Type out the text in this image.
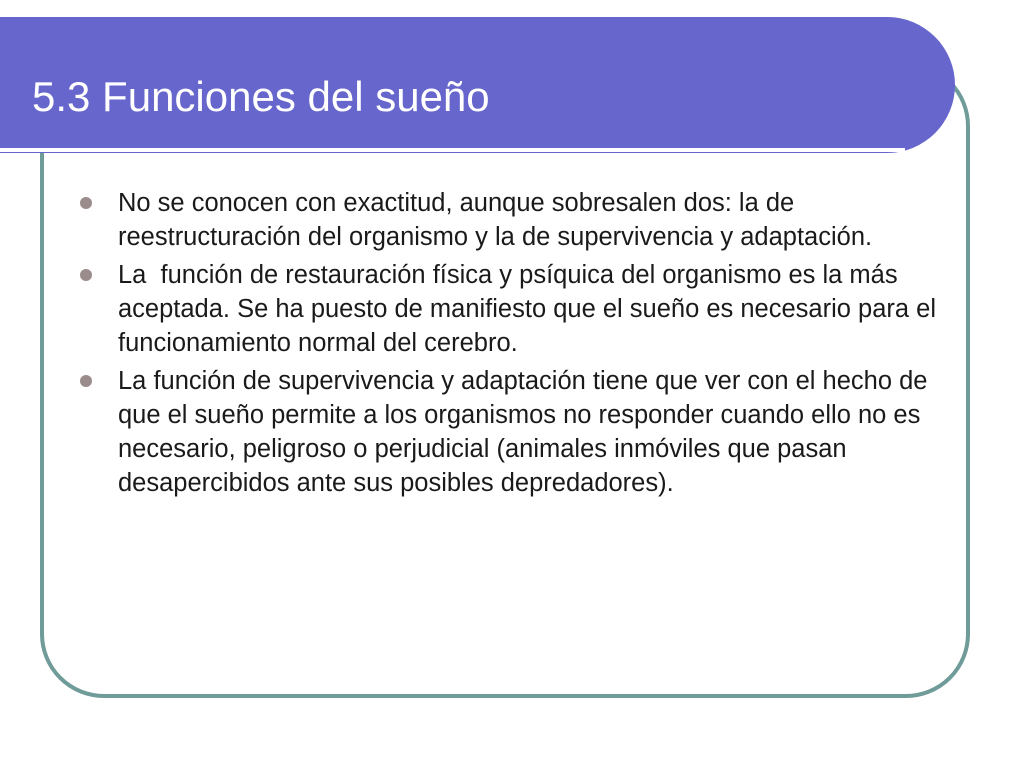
5.3 Funciones del sueño
No se conocen con exactitud, aunque sobresalen dos: la de reestructuración del organismo y la de supervivencia y adaptación.
La  función de restauración física y psíquica del organismo es la más aceptada. Se ha puesto de manifiesto que el sueño es necesario para el funcionamiento normal del cerebro.
La función de supervivencia y adaptación tiene que ver con el hecho de que el sueño permite a los organismos no responder cuando ello no es  necesario, peligroso o perjudicial (animales inmóviles que pasan desapercibidos ante sus posibles depredadores).
